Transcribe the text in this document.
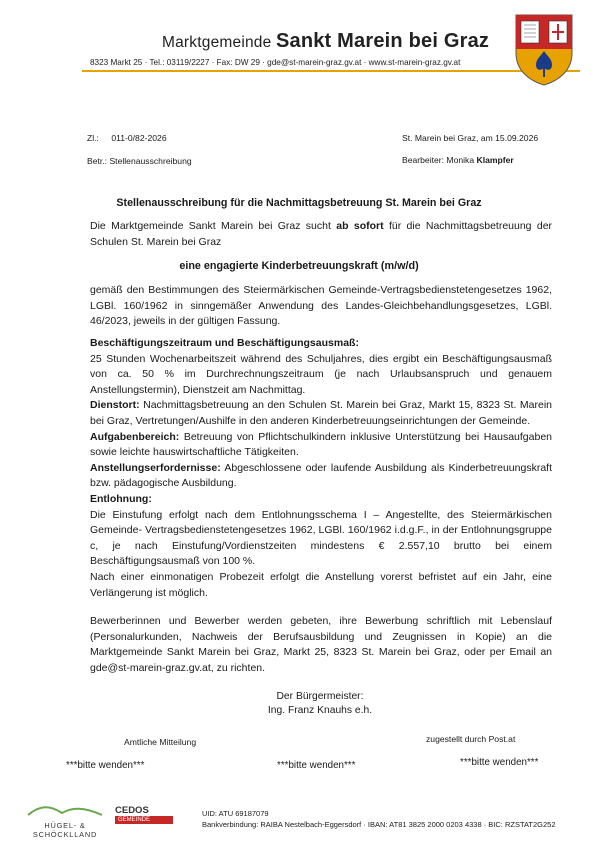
Marktgemeinde Sankt Marein bei Graz
8323 Markt 25 · Tel.: 03119/2227 · Fax: DW 29 · gde@st-marein-graz.gv.at · www.st-marein-graz.gv.at
Zl.: 011-0/82-2026	St. Marein bei Graz, am 15.09.2026
Betr.: Stellenausschreibung	Bearbeiter: Monika Klampfer
Stellenausschreibung für die Nachmittagsbetreuung St. Marein bei Graz

Die Marktgemeinde Sankt Marein bei Graz sucht ab sofort für die Nachmittagsbetreuung der Schulen St. Marein bei Graz

eine engagierte Kinderbetreuungskraft (m/w/d)

gemäß den Bestimmungen des Steiermärkischen Gemeinde-Vertragsbedienstetengesetzes 1962, LGBl. 160/1962 in sinngemäßer Anwendung des Landes-Gleichbehandlungsgesetzes, LGBl. 46/2023, jeweils in der gültigen Fassung.

Beschäftigungszeitraum und Beschäftigungsausmaß:

25 Stunden Wochenarbeitszeit während des Schuljahres, dies ergibt ein Beschäftigungsausmaß von ca. 50 % im Durchrechnungszeitraum (je nach Urlaubsanspruch und genauem Anstellungstermin), Dienstzeit am Nachmittag.

Dienstort: Nachmittagsbetreuung an den Schulen St. Marein bei Graz, Markt 15, 8323 St. Marein bei Graz, Vertretungen/Aushilfe in den anderen Kinderbetreuungseinrichtungen der Gemeinde.

Aufgabenbereich: Betreuung von Pflichtschulkindern inklusive Unterstützung bei Hausaufgaben sowie leichte hauswirtschaftliche Tätigkeiten.

Anstellungserfordernisse: Abgeschlossene oder laufende Ausbildung als Kinderbetreuungskraft bzw. pädagogische Ausbildung.

Entlohnung:

Die Einstufung erfolgt nach dem Entlohnungsschema I – Angestellte, des Steiermärkischen Gemeinde- Vertragsbedienstetengesetzes 1962, LGBl. 160/1962 i.d.g.F., in der Entlohnungsgruppe c, je nach Einstufung/Vordienstzeiten mindestens € 2.557,10 brutto bei einem Beschäftigungsausmaß von 100 %.

Nach einer einmonatigen Probezeit erfolgt die Anstellung vorerst befristet auf ein Jahr, eine Verlängerung ist möglich.

Bewerberinnen und Bewerber werden gebeten, ihre Bewerbung schriftlich mit Lebenslauf (Personalurkunden, Nachweis der Berufsausbildung und Zeugnissen in Kopie) an die Marktgemeinde Sankt Marein bei Graz, Markt 25, 8323 St. Marein bei Graz, oder per Email an gde@st-marein-graz.gv.at, zu richten.

Der Bürgermeister:
Ing. Franz Knauhs e.h.
Amtliche Mitteilung	zugestellt durch Post.at
***bitte wenden***	***bitte wenden***	***bitte wenden***
HÜGEL- &
SCHÖCKLLAND
CEDOS
GEMEINDE
UID: ATU 69187079
Bankverbindung: RAIBA Nestelbach-Eggersdorf · IBAN: AT81 3825 2000 0203 4338 · BIC: RZSTAT2G252
